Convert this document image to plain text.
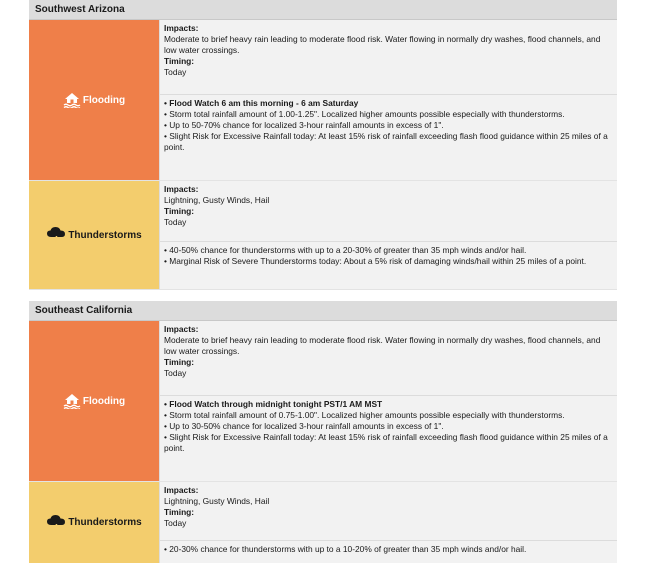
Southwest Arizona
Flooding
Impacts:
Moderate to brief heavy rain leading to moderate flood risk. Water flowing in normally dry washes, flood channels, and low water crossings.
Timing:
Today
• Flood Watch 6 am this morning - 6 am Saturday
• Storm total rainfall amount of 1.00-1.25". Localized higher amounts possible especially with thunderstorms.
• Up to 50-70% chance for localized 3-hour rainfall amounts in excess of 1".
• Slight Risk for Excessive Rainfall today: At least 15% risk of rainfall exceeding flash flood guidance within 25 miles of a point.
Thunderstorms
Impacts:
Lightning, Gusty Winds, Hail
Timing:
Today
• 40-50% chance for thunderstorms with up to a 20-30% of greater than 35 mph winds and/or hail.
• Marginal Risk of Severe Thunderstorms today: About a 5% risk of damaging winds/hail within 25 miles of a point.
Southeast California
Flooding
Impacts:
Moderate to brief heavy rain leading to moderate flood risk. Water flowing in normally dry washes, flood channels, and low water crossings.
Timing:
Today
• Flood Watch through midnight tonight PST/1 AM MST
• Storm total rainfall amount of 0.75-1.00". Localized higher amounts possible especially with thunderstorms.
• Up to 30-50% chance for localized 3-hour rainfall amounts in excess of 1".
• Slight Risk for Excessive Rainfall today: At least 15% risk of rainfall exceeding flash flood guidance within 25 miles of a point.
Thunderstorms
Impacts:
Lightning, Gusty Winds, Hail
Timing:
Today
• 20-30% chance for thunderstorms with up to a 10-20% of greater than 35 mph winds and/or hail.
